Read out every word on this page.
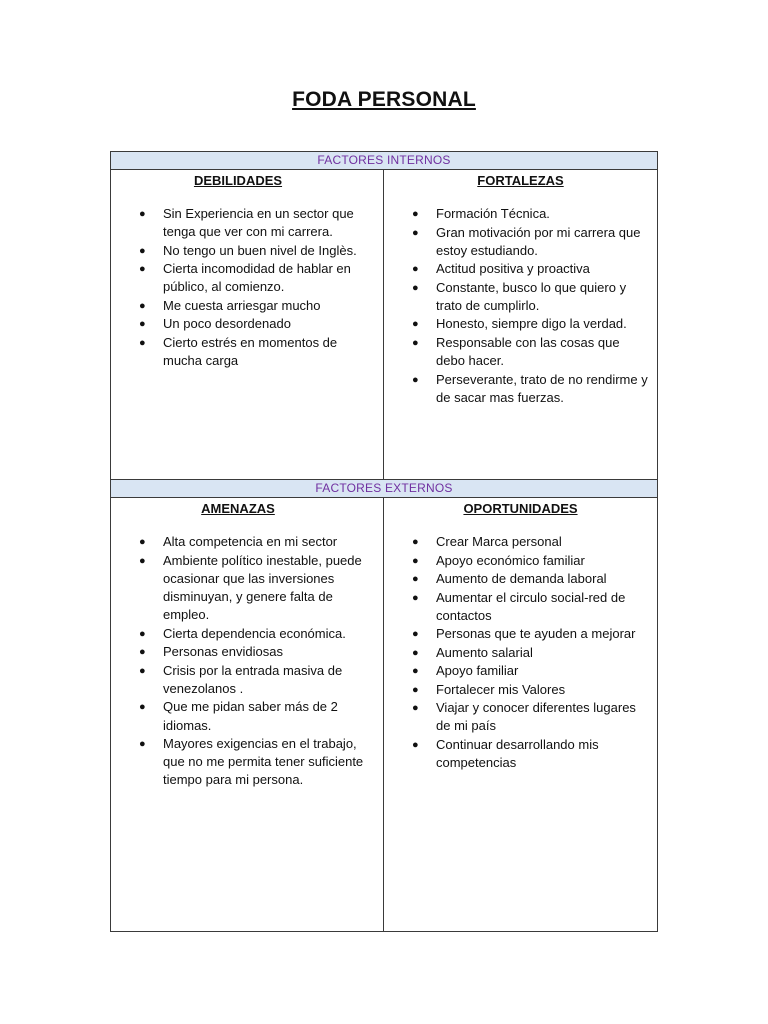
FODA PERSONAL
FACTORES INTERNOS
DEBILIDADES
● Sin Experiencia en un sector que tenga que ver con mi carrera.
● No tengo un buen nivel de Inglès.
● Cierta incomodidad de hablar en público, al comienzo.
● Me cuesta arriesgar mucho
● Un poco desordenado
● Cierto estrés en momentos de mucha carga
FORTALEZAS
● Formación Técnica.
● Gran motivación por mi carrera que estoy estudiando.
● Actitud positiva y proactiva
● Constante, busco lo que quiero y trato de cumplirlo.
● Honesto, siempre digo la verdad.
● Responsable con las cosas que debo hacer.
● Perseverante, trato de no rendirme y de sacar mas fuerzas.
FACTORES EXTERNOS
AMENAZAS
● Alta competencia en mi sector
● Ambiente político inestable, puede ocasionar que las inversiones disminuyan, y genere falta de empleo.
● Cierta dependencia económica.
● Personas envidiosas
● Crisis por la entrada masiva de venezolanos .
● Que me pidan saber más de 2 idiomas.
● Mayores exigencias en el trabajo, que no me permita tener suficiente tiempo para mi persona.
OPORTUNIDADES
● Crear Marca personal
● Apoyo económico familiar
● Aumento de demanda laboral
● Aumentar el circulo social-red de contactos
● Personas que te ayuden a mejorar
● Aumento salarial
● Apoyo familiar
● Fortalecer mis Valores
● Viajar y conocer diferentes lugares de mi país
● Continuar desarrollando mis competencias
